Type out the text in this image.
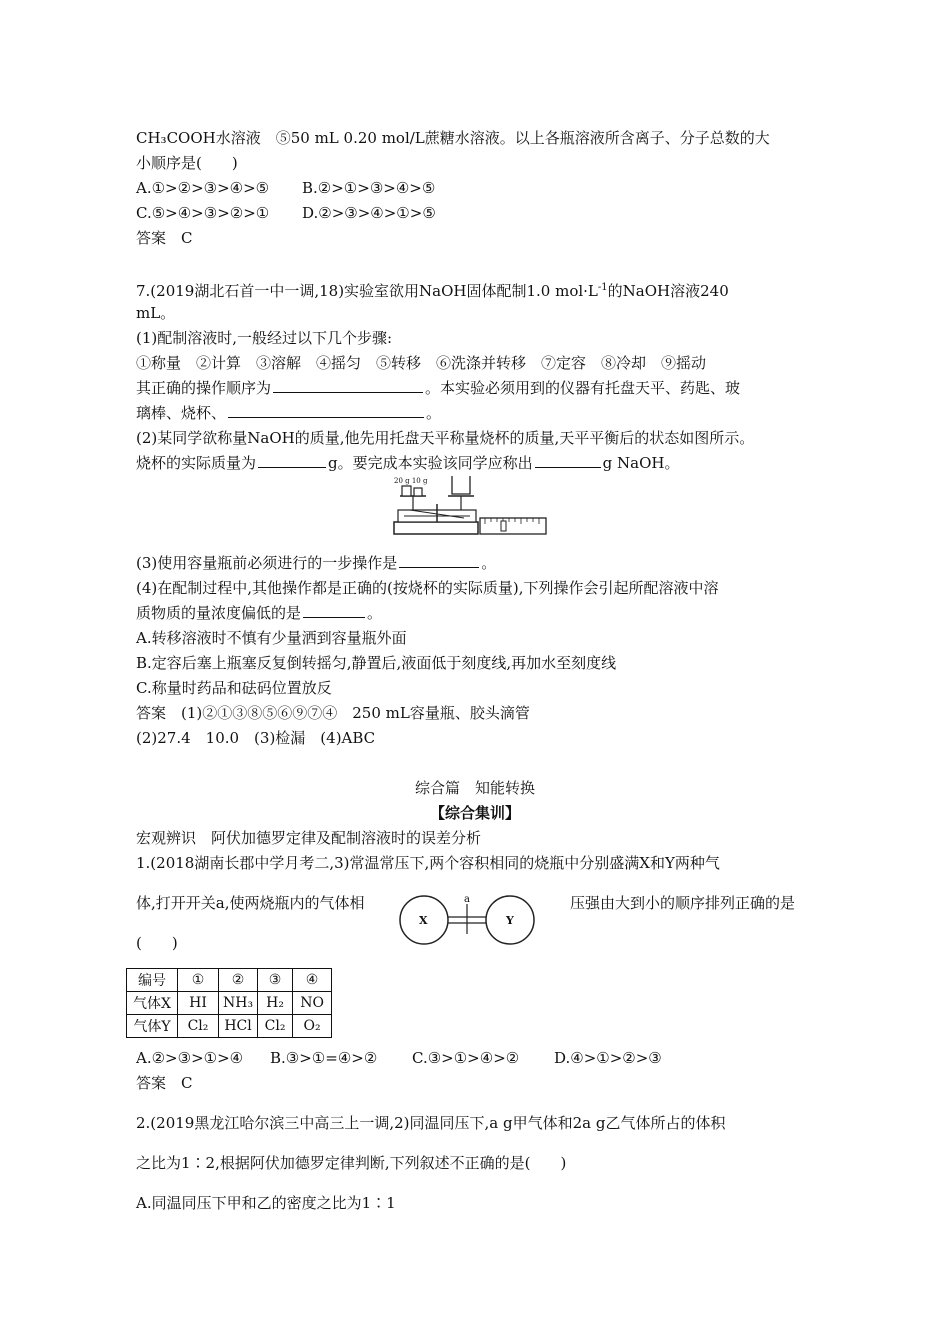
CH₃COOH水溶液　⑤50 mL 0.20 mol/L蔗糖水溶液。以上各瓶溶液所含离子、分子总数的大
小顺序是(　　)
A.①>②>③>④>⑤ B.②>①>③>④>⑤
C.⑤>④>③>②>① D.②>③>④>①>⑤
答案　C
7.(2019湖北石首一中一调,18)实验室欲用NaOH固体配制1.0 $mol\cdot L^{-1}$的NaOH溶液240
mL。
(1)配制溶液时,一般经过以下几个步骤:
①称量　②计算　③溶解　④摇匀　⑤转移　⑥洗涤并转移　⑦定容　⑧冷却　⑨摇动
其正确的操作顺序为	。本实验必须用到的仪器有托盘天平、药匙、玻
璃棒、烧杯、	。
(2)某同学欲称量NaOH的质量,他先用托盘天平称量烧杯的质量,天平平衡后的状态如图所示。
烧杯的实际质量为	g。要完成本实验该同学应称出	g NaOH。
20 g 10 g
(3)使用容量瓶前必须进行的一步操作是	。
(4)在配制过程中,其他操作都是正确的(按烧杯的实际质量),下列操作会引起所配溶液中溶
质物质的量浓度偏低的是	。
A.转移溶液时不慎有少量洒到容量瓶外面
B.定容后塞上瓶塞反复倒转摇匀,静置后,液面低于刻度线,再加水至刻度线
C.称量时药品和砝码位置放反
答案　(1)②①③⑧⑤⑥⑨⑦④　250 mL容量瓶、胶头滴管
(2)27.4　10.0　(3)检漏　(4)ABC
综合篇　知能转换
【综合集训】
宏观辨识　阿伏加德罗定律及配制溶液时的误差分析
1.(2018湖南长郡中学月考二,3)常温常压下,两个容积相同的烧瓶中分别盛满X和Y两种气
体,打开开关a,使两烧瓶内的气体相	压强由大到小的顺序排列正确的是
a
X	Y
(　　)
编号	①	②	③	④
气体X	HI	NH₃	H₂	NO
气体Y	Cl₂	HCl	Cl₂	O₂
A.②>③>①>④ B.③>①=④>② C.③>①>④>② D.④>①>②>③
答案　C
2.(2019黑龙江哈尔滨三中高三上一调,2)同温同压下,a g甲气体和2a g乙气体所占的体积
之比为1∶2,根据阿伏加德罗定律判断,下列叙述不正确的是(　　)
A.同温同压下甲和乙的密度之比为1∶1
